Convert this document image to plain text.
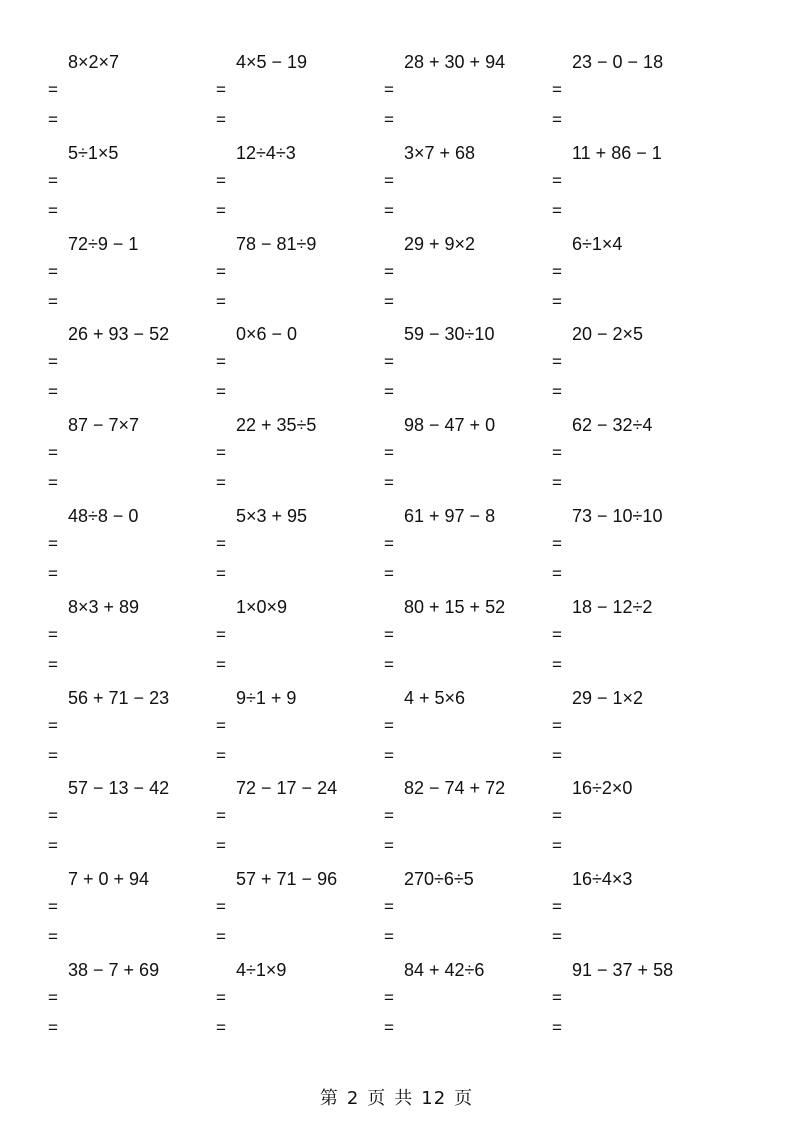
8×2×7
=
=
4×5 − 19
=
=
28 + 30 + 94
=
=
23 − 0 − 18
=
=
5÷1×5
=
=
12÷4÷3
=
=
3×7 + 68
=
=
11 + 86 − 1
=
=
72÷9 − 1
=
=
78 − 81÷9
=
=
29 + 9×2
=
=
6÷1×4
=
=
26 + 93 − 52
=
=
0×6 − 0
=
=
59 − 30÷10
=
=
20 − 2×5
=
=
87 − 7×7
=
=
22 + 35÷5
=
=
98 − 47 + 0
=
=
62 − 32÷4
=
=
48÷8 − 0
=
=
5×3 + 95
=
=
61 + 97 − 8
=
=
73 − 10÷10
=
=
8×3 + 89
=
=
1×0×9
=
=
80 + 15 + 52
=
=
18 − 12÷2
=
=
56 + 71 − 23
=
=
9÷1 + 9
=
=
4 + 5×6
=
=
29 − 1×2
=
=
57 − 13 − 42
=
=
72 − 17 − 24
=
=
82 − 74 + 72
=
=
16÷2×0
=
=
7 + 0 + 94
=
=
57 + 71 − 96
=
=
270÷6÷5
=
=
16÷4×3
=
=
38 − 7 + 69
=
=
4÷1×9
=
=
84 + 42÷6
=
=
91 − 37 + 58
=
=
第 2 页 共 12 页
